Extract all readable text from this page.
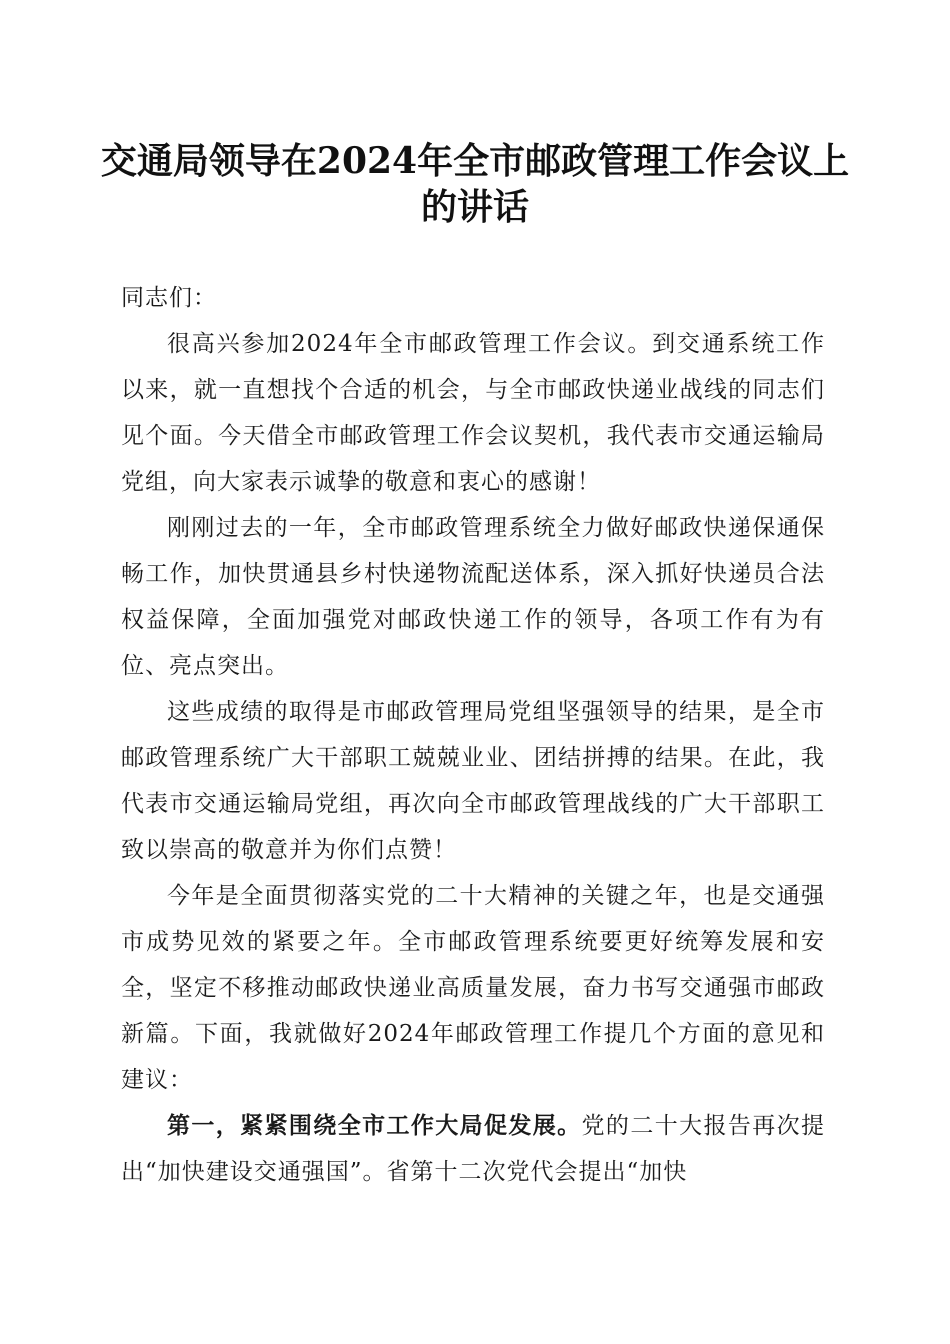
交通局领导在2024年全市邮政管理工作会议上的讲话

同志们：

很高兴参加2024年全市邮政管理工作会议。到交通系统工作以来，就一直想找个合适的机会，与全市邮政快递业战线的同志们见个面。今天借全市邮政管理工作会议契机，我代表市交通运输局党组，向大家表示诚挚的敬意和衷心的感谢！

刚刚过去的一年，全市邮政管理系统全力做好邮政快递保通保畅工作，加快贯通县乡村快递物流配送体系，深入抓好快递员合法权益保障，全面加强党对邮政快递工作的领导，各项工作有为有位、亮点突出。

这些成绩的取得是市邮政管理局党组坚强领导的结果，是全市邮政管理系统广大干部职工兢兢业业、团结拼搏的结果。在此，我代表市交通运输局党组，再次向全市邮政管理战线的广大干部职工致以崇高的敬意并为你们点赞！

今年是全面贯彻落实党的二十大精神的关键之年，也是交通强市成势见效的紧要之年。全市邮政管理系统要更好统筹发展和安全，坚定不移推动邮政快递业高质量发展，奋力书写交通强市邮政新篇。下面，我就做好2024年邮政管理工作提几个方面的意见和建议：

第一，紧紧围绕全市工作大局促发展。党的二十大报告再次提出“加快建设交通强国”。省第十二次党代会提出“加快
